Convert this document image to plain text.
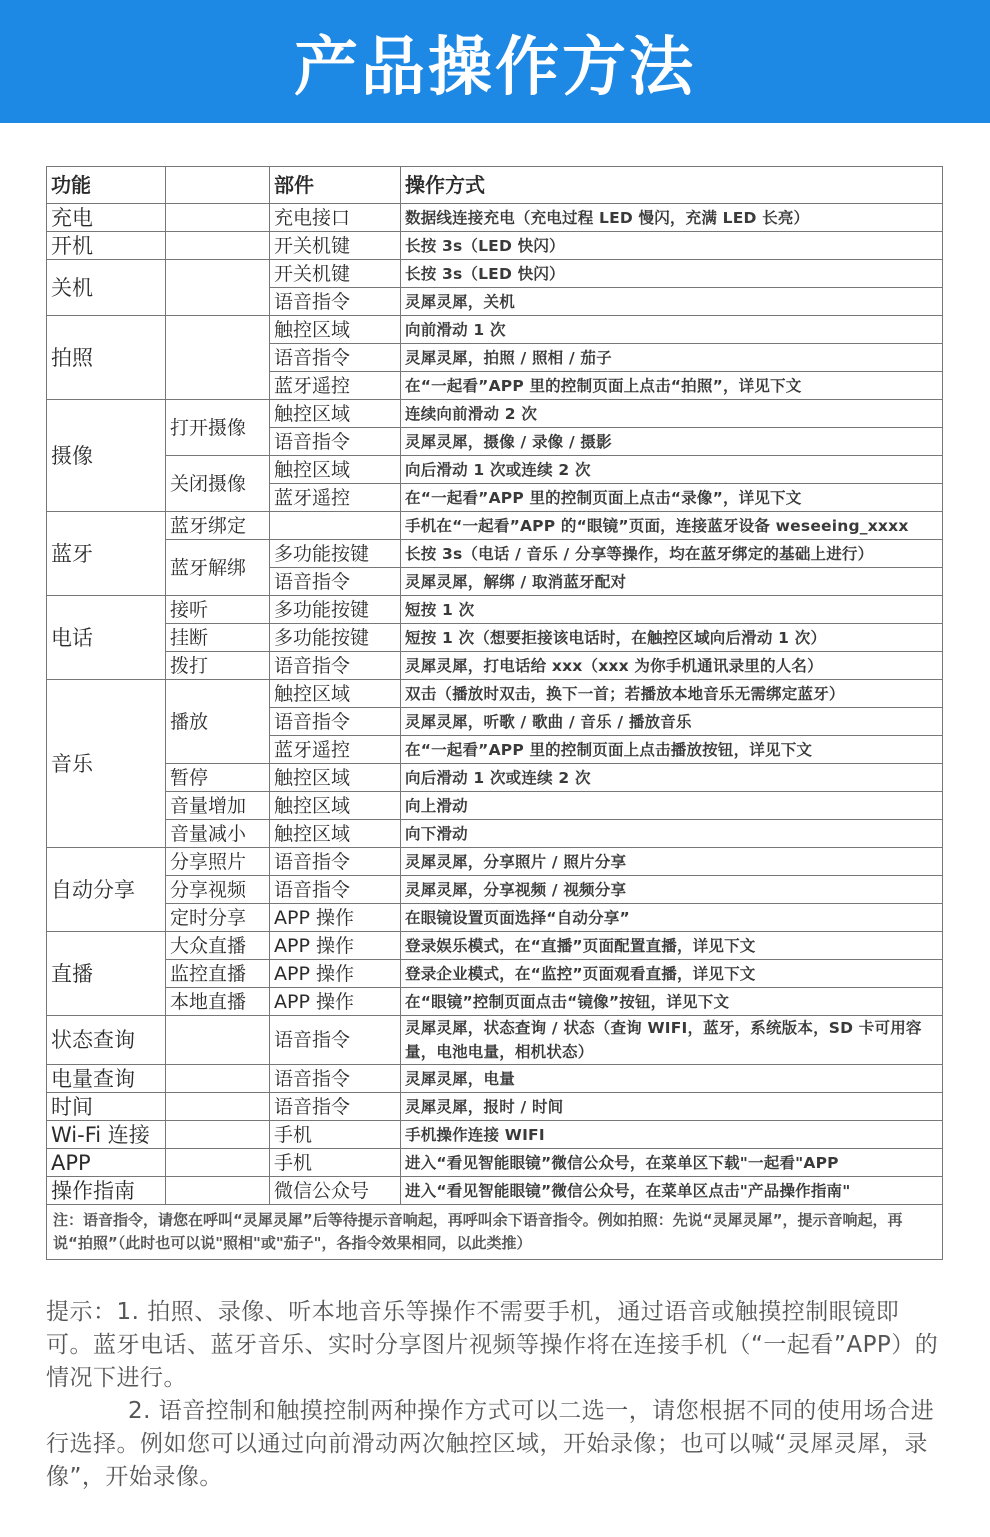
产品操作方法
功能		部件	操作方式
充电		充电接口	数据线连接充电（充电过程 LED 慢闪，充满 LED 长亮）
开机		开关机键	长按 3s（LED 快闪）
关机		开关机键	长按 3s（LED 快闪）
		语音指令	灵犀灵犀，关机
拍照		触控区域	向前滑动 1 次
		语音指令	灵犀灵犀，拍照 / 照相 / 茄子
		蓝牙遥控	在“一起看”APP 里的控制页面上点击“拍照”，详见下文
摄像	打开摄像	触控区域	连续向前滑动 2 次
		语音指令	灵犀灵犀，摄像 / 录像 / 摄影
	关闭摄像	触控区域	向后滑动 1 次或连续 2 次
		蓝牙遥控	在“一起看”APP 里的控制页面上点击“录像”，详见下文
蓝牙	蓝牙绑定		手机在“一起看”APP 的“眼镜”页面，连接蓝牙设备 weseeing_xxxx
	蓝牙解绑	多功能按键	长按 3s（电话 / 音乐 / 分享等操作，均在蓝牙绑定的基础上进行）
		语音指令	灵犀灵犀，解绑 / 取消蓝牙配对
电话	接听	多功能按键	短按 1 次
	挂断	多功能按键	短按 1 次（想要拒接该电话时，在触控区域向后滑动 1 次）
	拨打	语音指令	灵犀灵犀，打电话给 xxx（xxx 为你手机通讯录里的人名）
音乐	播放	触控区域	双击（播放时双击，换下一首；若播放本地音乐无需绑定蓝牙）
		语音指令	灵犀灵犀，听歌 / 歌曲 / 音乐 / 播放音乐
		蓝牙遥控	在“一起看”APP 里的控制页面上点击播放按钮，详见下文
	暂停	触控区域	向后滑动 1 次或连续 2 次
	音量增加	触控区域	向上滑动
	音量减小	触控区域	向下滑动
自动分享	分享照片	语音指令	灵犀灵犀，分享照片 / 照片分享
	分享视频	语音指令	灵犀灵犀，分享视频 / 视频分享
	定时分享	APP 操作	在眼镜设置页面选择“自动分享”
直播	大众直播	APP 操作	登录娱乐模式，在“直播”页面配置直播，详见下文
	监控直播	APP 操作	登录企业模式，在“监控”页面观看直播，详见下文
	本地直播	APP 操作	在“眼镜”控制页面点击“镜像”按钮，详见下文
状态查询		语音指令	灵犀灵犀，状态查询 / 状态（查询 WIFI，蓝牙，系统版本，SD 卡可用容量，电池电量，相机状态）
电量查询		语音指令	灵犀灵犀，电量
时间		语音指令	灵犀灵犀，报时 / 时间
Wi-Fi 连接		手机	手机操作连接 WIFI
APP		手机	进入“看见智能眼镜”微信公众号，在菜单区下载"一起看"APP
操作指南		微信公众号	进入“看见智能眼镜”微信公众号，在菜单区点击"产品操作指南"
注：语音指令，请您在呼叫“灵犀灵犀”后等待提示音响起，再呼叫余下语音指令。例如拍照：先说“灵犀灵犀”，提示音响起，再说“拍照”（此时也可以说"照相"或"茄子"，各指令效果相同，以此类推）			

提示：1. 拍照、录像、听本地音乐等操作不需要手机，通过语音或触摸控制眼镜即可。蓝牙电话、蓝牙音乐、实时分享图片视频等操作将在连接手机（“一起看”APP）的情况下进行。

2. 语音控制和触摸控制两种操作方式可以二选一，请您根据不同的使用场合进行选择。例如您可以通过向前滑动两次触控区域，开始录像；也可以喊“灵犀灵犀，录像”，开始录像。
